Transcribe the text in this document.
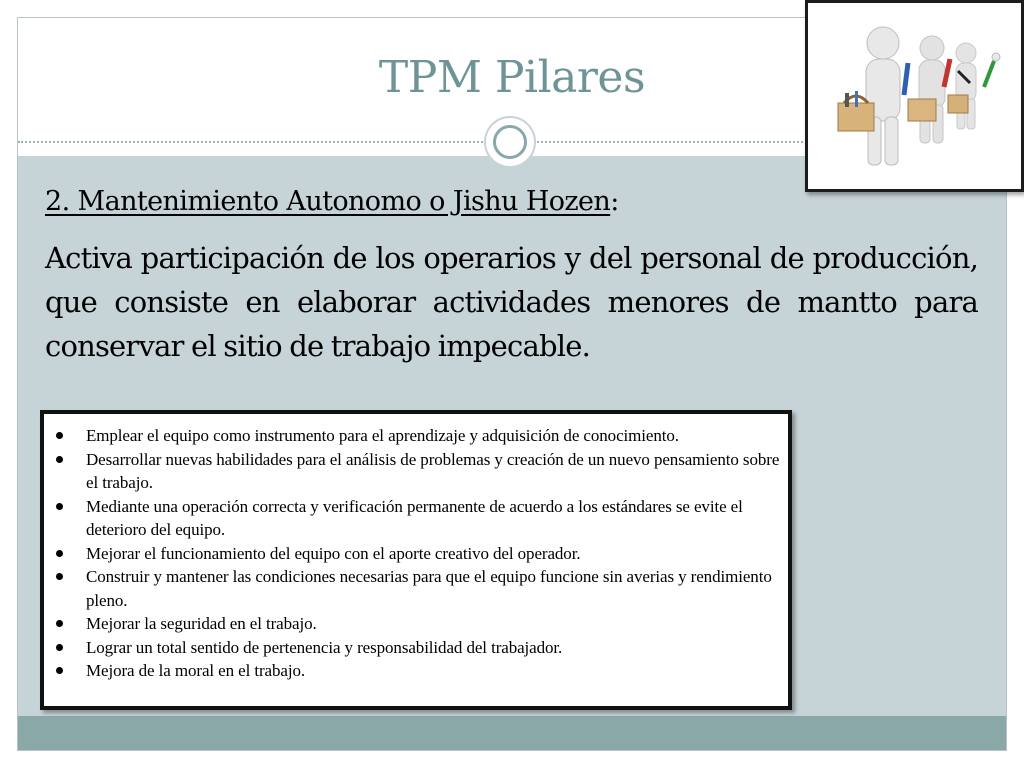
TPM Pilares

2. Mantenimiento Autonomo o Jishu Hozen:

Activa participación de los operarios y del personal de producción, que consiste en elaborar actividades menores de mantto para conservar el sitio de trabajo impecable.

Emplear el equipo como instrumento para el aprendizaje y adquisición de conocimiento.
Desarrollar nuevas habilidades para el análisis de problemas y creación de un nuevo pensamiento sobre el trabajo.
Mediante una operación correcta y verificación permanente de acuerdo a los estándares se evite el deterioro del equipo.
Mejorar el funcionamiento del equipo con el aporte creativo del operador.
Construir y mantener las condiciones necesarias para que el equipo funcione sin averias y rendimiento pleno.
Mejorar la seguridad en el trabajo.
Lograr un total sentido de pertenencia y responsabilidad del trabajador.
Mejora de la moral en el trabajo.
